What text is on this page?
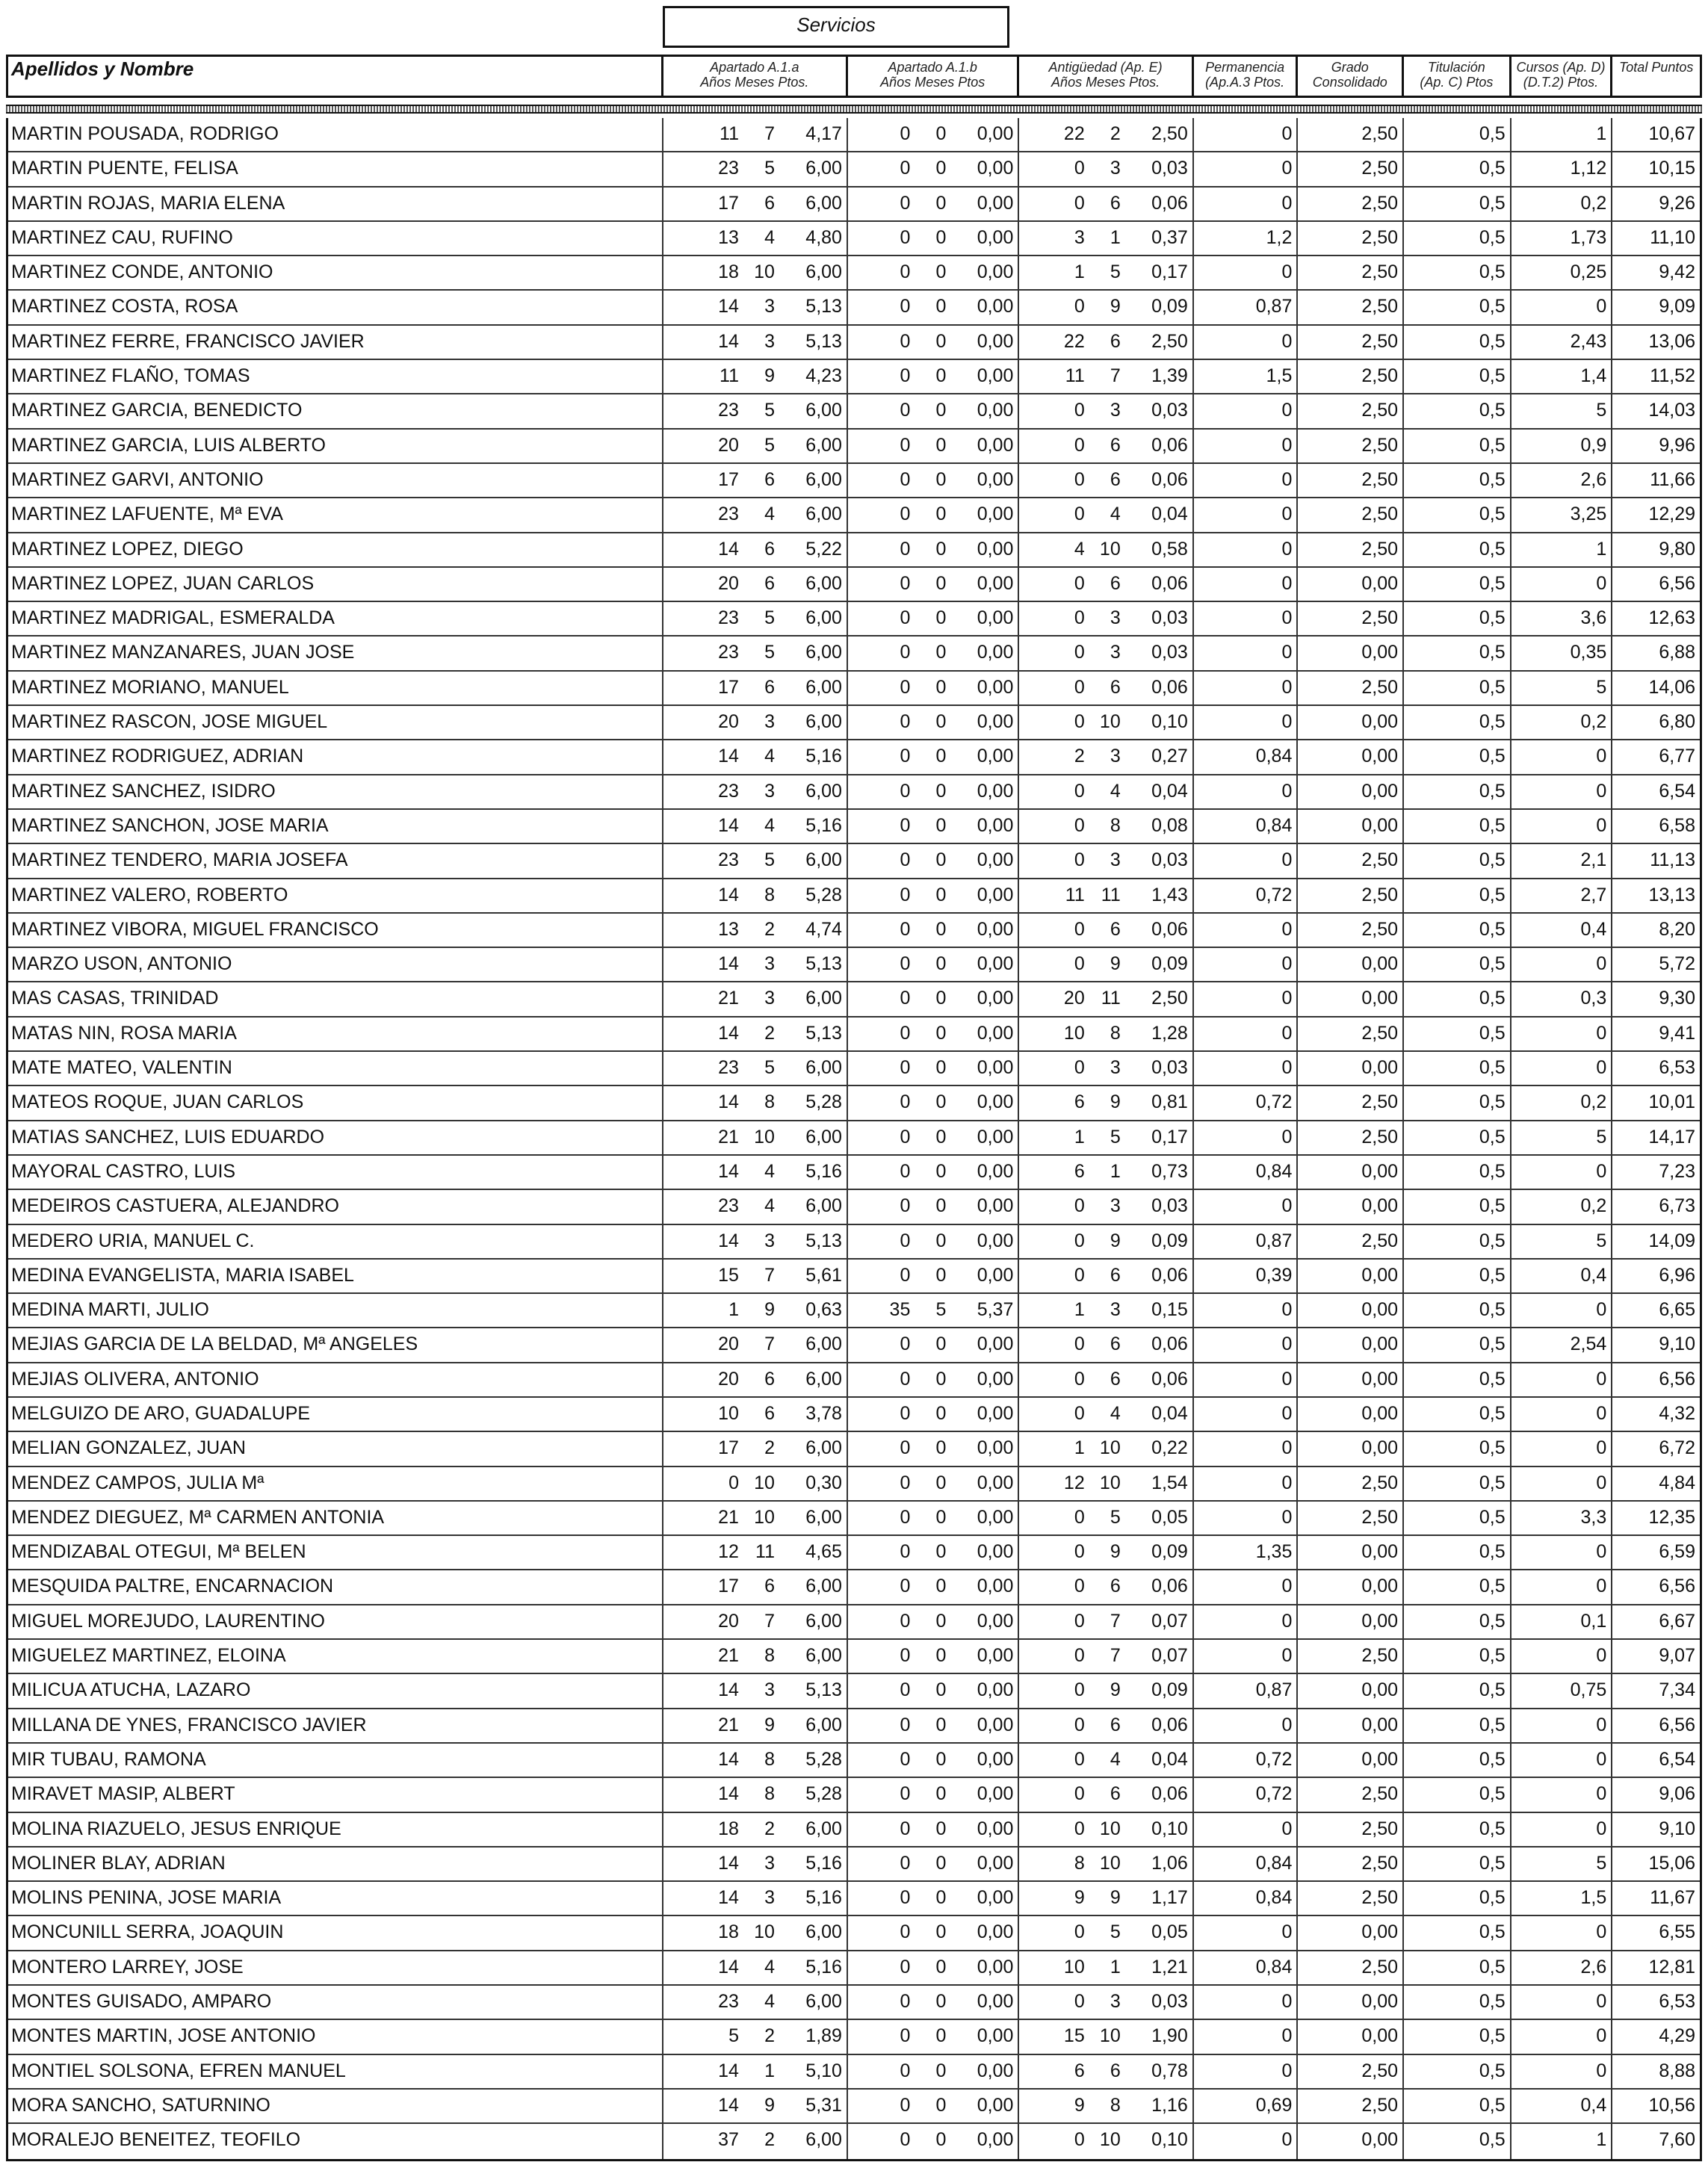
Servicios
Apellidos y Nombre	Apartado A.1.a
Años Meses Ptos.
Apartado A.1.b
Años Meses Ptos
Antigüedad (Ap. E)
Años Meses Ptos.
Permanencia
(Ap.A.3 Ptos.
Grado
Consolidado
Titulación
(Ap. C) Ptos
Cursos (Ap. D)
(D.T.2) Ptos.
Total Puntos
MARTIN POUSADA, RODRIGO	11	7	4,17	0	0	0,00	22	2	2,50	0	2,50	0,5	1	10,67
MARTIN PUENTE, FELISA	23	5	6,00	0	0	0,00	0	3	0,03	0	2,50	0,5	1,12	10,15
MARTIN ROJAS, MARIA ELENA	17	6	6,00	0	0	0,00	0	6	0,06	0	2,50	0,5	0,2	9,26
MARTINEZ CAU, RUFINO	13	4	4,80	0	0	0,00	3	1	0,37	1,2	2,50	0,5	1,73	11,10
MARTINEZ CONDE, ANTONIO	18 10	6,00	0	0	0,00	1	5	0,17	0	2,50	0,5	0,25	9,42
MARTINEZ COSTA, ROSA	14	3	5,13	0	0	0,00	0	9	0,09	0,87	2,50	0,5	0	9,09
MARTINEZ FERRE, FRANCISCO JAVIER	14	3	5,13	0	0	0,00	22	6	2,50	0	2,50	0,5	2,43	13,06
MARTINEZ FLAÑO, TOMAS	11	9	4,23	0	0	0,00	11	7	1,39	1,5	2,50	0,5	1,4	11,52
MARTINEZ GARCIA, BENEDICTO	23	5	6,00	0	0	0,00	0	3	0,03	0	2,50	0,5	5	14,03
MARTINEZ GARCIA, LUIS ALBERTO	20	5	6,00	0	0	0,00	0	6	0,06	0	2,50	0,5	0,9	9,96
MARTINEZ GARVI, ANTONIO	17	6	6,00	0	0	0,00	0	6	0,06	0	2,50	0,5	2,6	11,66
MARTINEZ LAFUENTE, Mª EVA	23	4	6,00	0	0	0,00	0	4	0,04	0	2,50	0,5	3,25	12,29
MARTINEZ LOPEZ, DIEGO	14	6	5,22	0	0	0,00	4 10	0,58	0	2,50	0,5	1	9,80
MARTINEZ LOPEZ, JUAN CARLOS	20	6	6,00	0	0	0,00	0	6	0,06	0	0,00	0,5	0	6,56
MARTINEZ MADRIGAL, ESMERALDA	23	5	6,00	0	0	0,00	0	3	0,03	0	2,50	0,5	3,6	12,63
MARTINEZ MANZANARES, JUAN JOSE	23	5	6,00	0	0	0,00	0	3	0,03	0	0,00	0,5	0,35	6,88
MARTINEZ MORIANO, MANUEL	17	6	6,00	0	0	0,00	0	6	0,06	0	2,50	0,5	5	14,06
MARTINEZ RASCON, JOSE MIGUEL	20	3	6,00	0	0	0,00	0 10	0,10	0	0,00	0,5	0,2	6,80
MARTINEZ RODRIGUEZ, ADRIAN	14	4	5,16	0	0	0,00	2	3	0,27	0,84	0,00	0,5	0	6,77
MARTINEZ SANCHEZ, ISIDRO	23	3	6,00	0	0	0,00	0	4	0,04	0	0,00	0,5	0	6,54
MARTINEZ SANCHON, JOSE MARIA	14	4	5,16	0	0	0,00	0	8	0,08	0,84	0,00	0,5	0	6,58
MARTINEZ TENDERO, MARIA JOSEFA	23	5	6,00	0	0	0,00	0	3	0,03	0	2,50	0,5	2,1	11,13
MARTINEZ VALERO, ROBERTO	14	8	5,28	0	0	0,00	11 11	1,43	0,72	2,50	0,5	2,7	13,13
MARTINEZ VIBORA, MIGUEL FRANCISCO	13	2	4,74	0	0	0,00	0	6	0,06	0	2,50	0,5	0,4	8,20
MARZO USON, ANTONIO	14	3	5,13	0	0	0,00	0	9	0,09	0	0,00	0,5	0	5,72
MAS CASAS, TRINIDAD	21	3	6,00	0	0	0,00	20 11	2,50	0	0,00	0,5	0,3	9,30
MATAS NIN, ROSA MARIA	14	2	5,13	0	0	0,00	10	8	1,28	0	2,50	0,5	0	9,41
MATE MATEO, VALENTIN	23	5	6,00	0	0	0,00	0	3	0,03	0	0,00	0,5	0	6,53
MATEOS ROQUE, JUAN CARLOS	14	8	5,28	0	0	0,00	6	9	0,81	0,72	2,50	0,5	0,2	10,01
MATIAS SANCHEZ, LUIS EDUARDO	21 10	6,00	0	0	0,00	1	5	0,17	0	2,50	0,5	5	14,17
MAYORAL CASTRO, LUIS	14	4	5,16	0	0	0,00	6	1	0,73	0,84	0,00	0,5	0	7,23
MEDEIROS CASTUERA, ALEJANDRO	23	4	6,00	0	0	0,00	0	3	0,03	0	0,00	0,5	0,2	6,73
MEDERO URIA, MANUEL C.	14	3	5,13	0	0	0,00	0	9	0,09	0,87	2,50	0,5	5	14,09
MEDINA EVANGELISTA, MARIA ISABEL	15	7	5,61	0	0	0,00	0	6	0,06	0,39	0,00	0,5	0,4	6,96
MEDINA MARTI, JULIO	1	9	0,63	35	5	5,37	1	3	0,15	0	0,00	0,5	0	6,65
MEJIAS GARCIA DE LA BELDAD, Mª ANGELES	20	7	6,00	0	0	0,00	0	6	0,06	0	0,00	0,5	2,54	9,10
MEJIAS OLIVERA, ANTONIO	20	6	6,00	0	0	0,00	0	6	0,06	0	0,00	0,5	0	6,56
MELGUIZO DE ARO, GUADALUPE	10	6	3,78	0	0	0,00	0	4	0,04	0	0,00	0,5	0	4,32
MELIAN GONZALEZ, JUAN	17	2	6,00	0	0	0,00	1 10	0,22	0	0,00	0,5	0	6,72
MENDEZ CAMPOS, JULIA Mª	0 10	0,30	0	0	0,00	12 10	1,54	0	2,50	0,5	0	4,84
MENDEZ DIEGUEZ, Mª CARMEN ANTONIA	21 10	6,00	0	0	0,00	0	5	0,05	0	2,50	0,5	3,3	12,35
MENDIZABAL OTEGUI, Mª BELEN	12 11	4,65	0	0	0,00	0	9	0,09	1,35	0,00	0,5	0	6,59
MESQUIDA PALTRE, ENCARNACION	17	6	6,00	0	0	0,00	0	6	0,06	0	0,00	0,5	0	6,56
MIGUEL MOREJUDO, LAURENTINO	20	7	6,00	0	0	0,00	0	7	0,07	0	0,00	0,5	0,1	6,67
MIGUELEZ MARTINEZ, ELOINA	21	8	6,00	0	0	0,00	0	7	0,07	0	2,50	0,5	0	9,07
MILICUA ATUCHA, LAZARO	14	3	5,13	0	0	0,00	0	9	0,09	0,87	0,00	0,5	0,75	7,34
MILLANA DE YNES, FRANCISCO JAVIER	21	9	6,00	0	0	0,00	0	6	0,06	0	0,00	0,5	0	6,56
MIR TUBAU, RAMONA	14	8	5,28	0	0	0,00	0	4	0,04	0,72	0,00	0,5	0	6,54
MIRAVET MASIP, ALBERT	14	8	5,28	0	0	0,00	0	6	0,06	0,72	2,50	0,5	0	9,06
MOLINA RIAZUELO, JESUS ENRIQUE	18	2	6,00	0	0	0,00	0 10	0,10	0	2,50	0,5	0	9,10
MOLINER BLAY, ADRIAN	14	3	5,16	0	0	0,00	8 10	1,06	0,84	2,50	0,5	5	15,06
MOLINS PENINA, JOSE MARIA	14	3	5,16	0	0	0,00	9	9	1,17	0,84	2,50	0,5	1,5	11,67
MONCUNILL SERRA, JOAQUIN	18 10	6,00	0	0	0,00	0	5	0,05	0	0,00	0,5	0	6,55
MONTERO LARREY, JOSE	14	4	5,16	0	0	0,00	10	1	1,21	0,84	2,50	0,5	2,6	12,81
MONTES GUISADO, AMPARO	23	4	6,00	0	0	0,00	0	3	0,03	0	0,00	0,5	0	6,53
MONTES MARTIN, JOSE ANTONIO	5	2	1,89	0	0	0,00	15 10	1,90	0	0,00	0,5	0	4,29
MONTIEL SOLSONA, EFREN MANUEL	14	1	5,10	0	0	0,00	6	6	0,78	0	2,50	0,5	0	8,88
MORA SANCHO, SATURNINO	14	9	5,31	0	0	0,00	9	8	1,16	0,69	2,50	0,5	0,4	10,56
MORALEJO BENEITEZ, TEOFILO	37	2	6,00	0	0	0,00	0 10	0,10	0	0,00	0,5	1	7,60
